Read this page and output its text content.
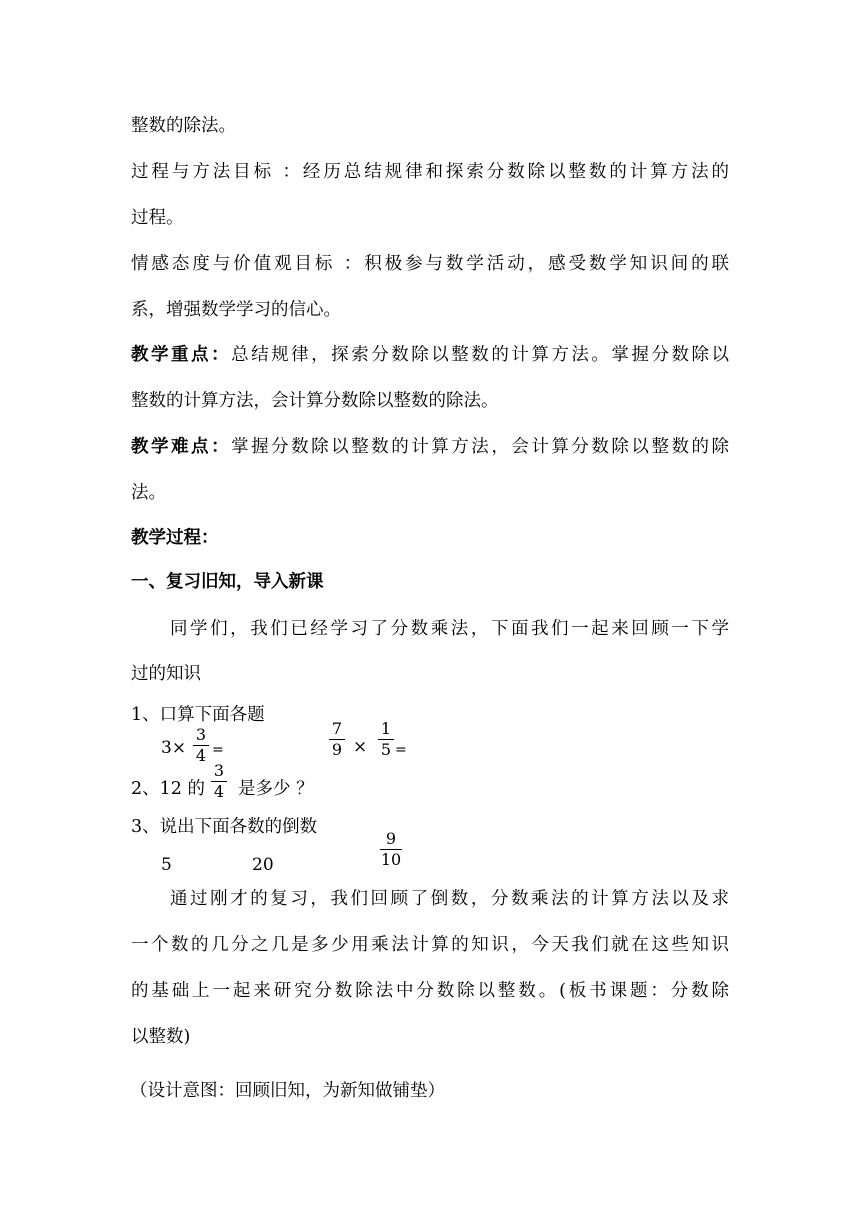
整数的除法。

过程与方法目标 ：经历总结规律和探索分数除以整数的计算方法的

过程。

情感态度与价值观目标 ：积极参与数学活动，感受数学知识间的联

系，增强数学学习的信心。

教学重点：总结规律，探索分数除以整数的计算方法。掌握分数除以

整数的计算方法，会计算分数除以整数的除法。

教学难点：掌握分数除以整数的计算方法，会计算分数除以整数的除

法。

教学过程：

一、复习旧知，导入新课

同学们，我们已经学习了分数乘法，下面我们一起来回顾一下学

过的知识

1、口算下面各题

3×
3
4 =
7
9 ×
1
5 =
2、12 的
3
4 是多少 ？

3、说出下面各数的倒数

5	20
9
10

通过刚才的复习，我们回顾了倒数，分数乘法的计算方法以及求

一个数的几分之几是多少用乘法计算的知识，今天我们就在这些知识

的基础上一起来研究分数除法中分数除以整数。(板书课题：分数除

以整数)

（设计意图：回顾旧知，为新知做铺垫）
